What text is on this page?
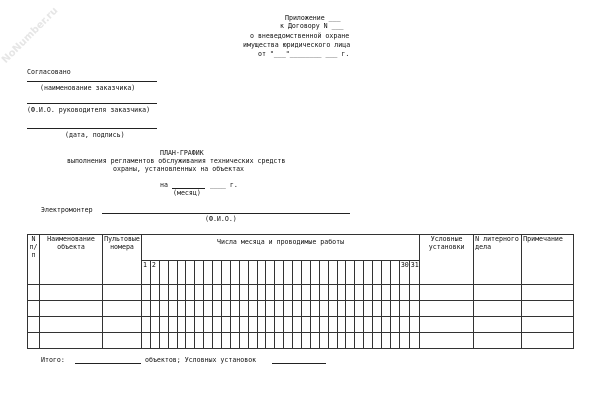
NoNumber.ru	Приложение ___
к Договору N ___
о вневедомственной охране
имущества юридического лица
от "___"________ ___ г.
Согласовано
(наименование заказчика)
(Ф.И.О. руководителя заказчика)
(дата, подпись)
ПЛАН-ГРАФИК
выполнения регламентов обслуживания технических средств
охраны, установленных на объектах
на	____ г.
(месяц)
Электромонтер
(Ф.И.О.)
N п/ п	Наименование объекта	Пультовые номера	Числа месяца и проводимые работы																															Условные установки	N литерного дела	Примечание
			1	2																												30	31			

Итого:	объектов; Условных установок
